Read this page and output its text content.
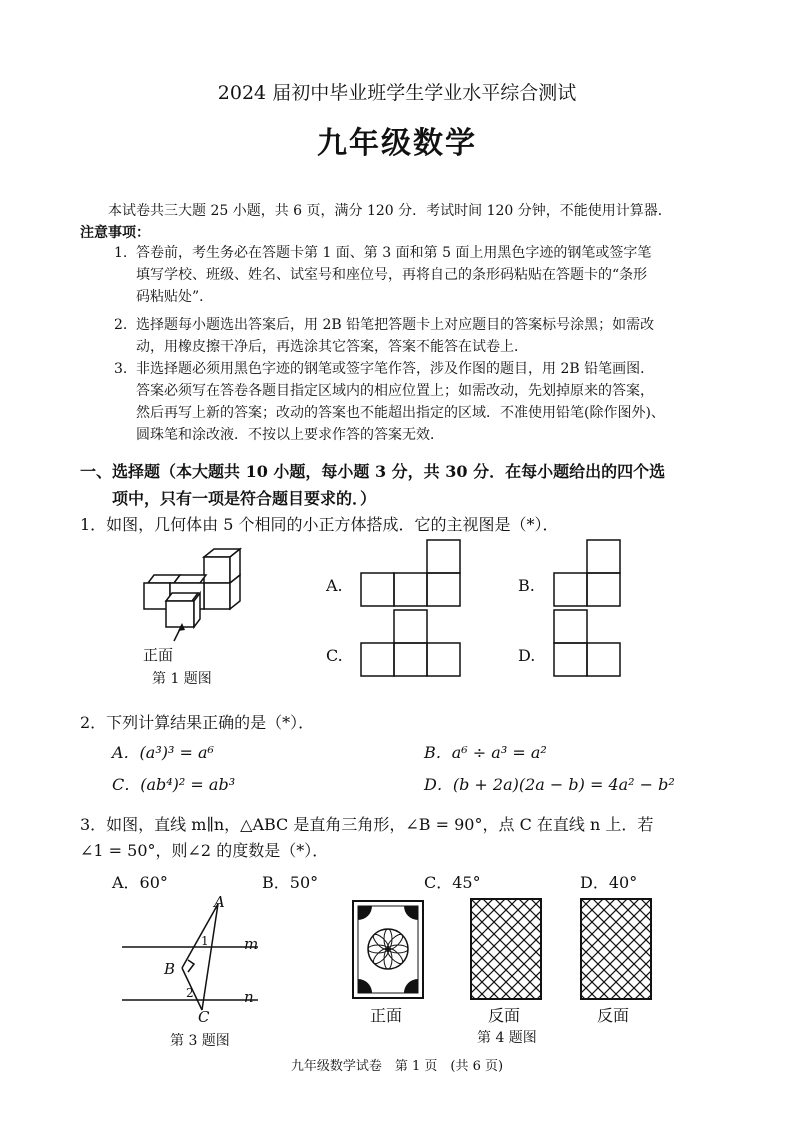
2024 届初中毕业班学生学业水平综合测试
九年级数学
本试卷共三大题 25 小题，共 6 页，满分 120 分．考试时间 120 分钟，不能使用计算器．
注意事项：
1. 答卷前，考生务必在答题卡第 1 面、第 3 面和第 5 面上用黑色字迹的钢笔或签字笔
填写学校、班级、姓名、试室号和座位号，再将自己的条形码粘贴在答题卡的“条形
码粘贴处”．
2. 选择题每小题选出答案后，用 2B 铅笔把答题卡上对应题目的答案标号涂黑；如需改
动，用橡皮擦干净后，再选涂其它答案，答案不能答在试卷上．
3. 非选择题必须用黑色字迹的钢笔或签字笔作答，涉及作图的题目，用 2B 铅笔画图．
答案必须写在答卷各题目指定区域内的相应位置上；如需改动，先划掉原来的答案，
然后再写上新的答案；改动的答案也不能超出指定的区域．不准使用铅笔(除作图外)、
圆珠笔和涂改液．不按以上要求作答的答案无效．
一、选择题（本大题共 10 小题，每小题 3 分，共 30 分．在每小题给出的四个选
项中，只有一项是符合题目要求的．）
1．如图，几何体由 5 个相同的小正方体搭成．它的主视图是（*）．
正面
第 1 题图
A.	B.
C.	D.
2．下列计算结果正确的是（*）．
A．(a³)³ = a⁶	B．a⁶ ÷ a³ = a²
C．(ab⁴)² = ab³	D．(b + 2a)(2a − b) = 4a² − b²
3．如图，直线 m∥n，△ABC 是直角三角形，∠B = 90°，点 C 在直线 n 上．若
∠1 = 50°，则∠2 的度数是（*）．
A．60°	B．50°	C．45°	D．40°
A
B
C
m
n
1
2
第 3 题图
正面	反面	反面
第 4 题图
九年级数学试卷　第 1 页　(共 6 页)
